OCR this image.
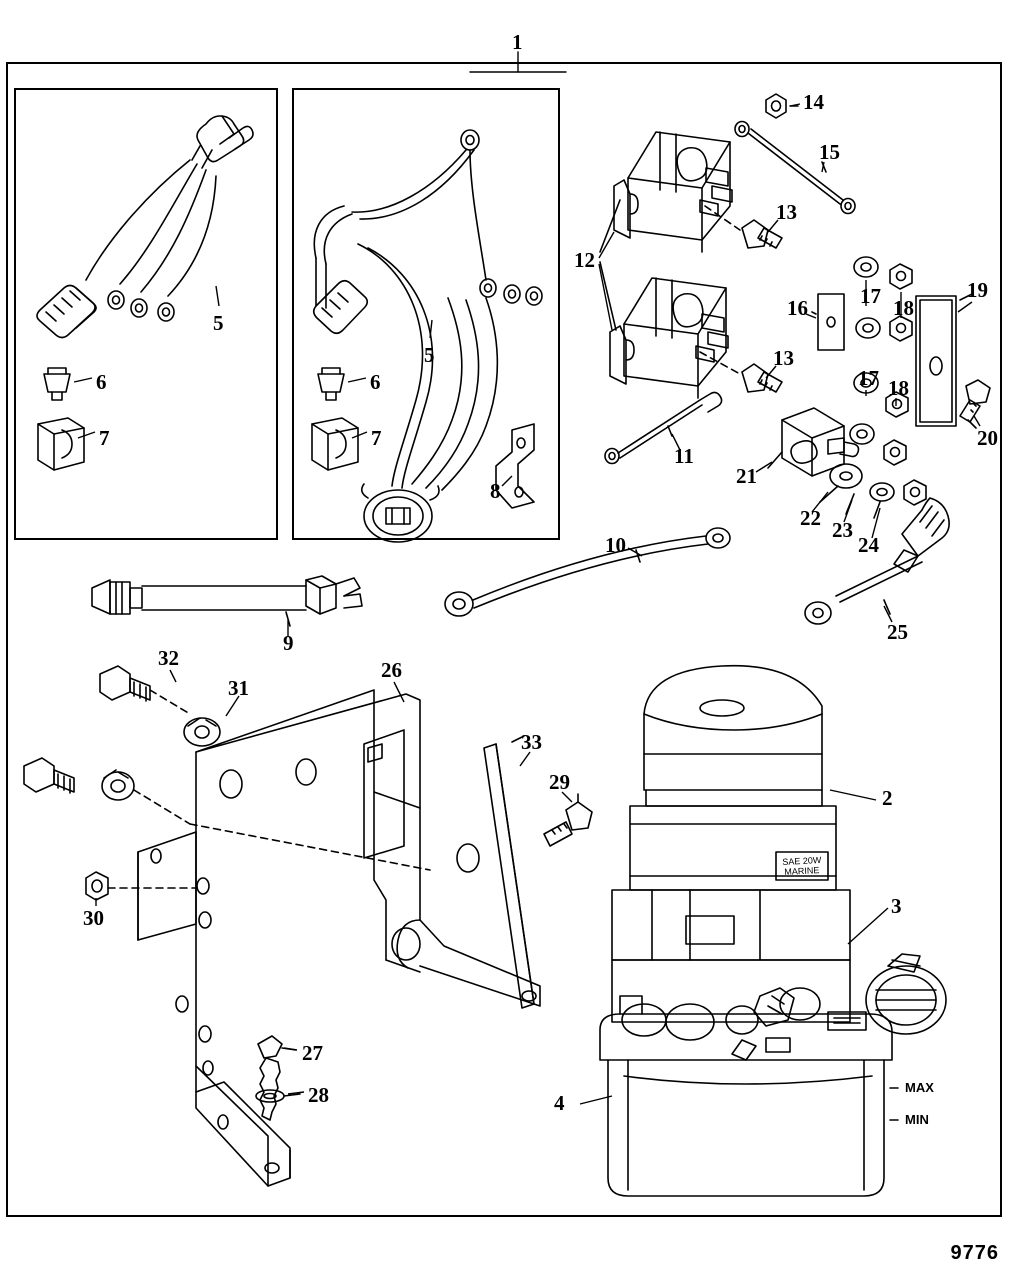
SAE 20W
MARINE
MAX
MIN
1
5
6
7
5
6
7
8
12
14
15
13
13
16 17 18
19
17 18
20
11
21
22 23
24
25
10
9
32
31
26
33
29
2
3
30
27
28	4
9776
